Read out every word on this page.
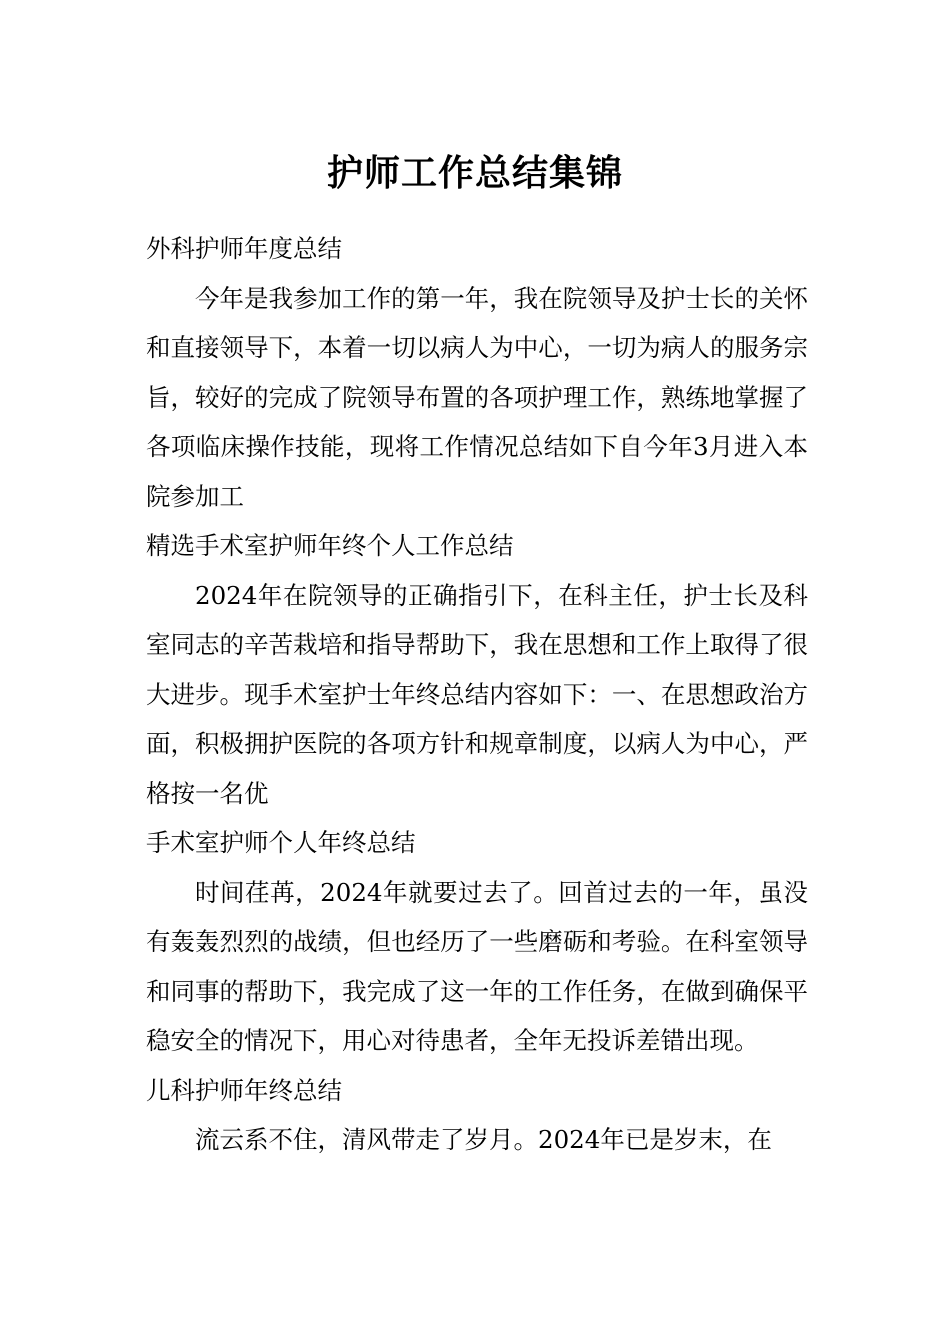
护师工作总结集锦
外科护师年度总结

今年是我参加工作的第一年，我在院领导及护士长的关怀和直接领导下，本着一切以病人为中心，一切为病人的服务宗旨，较好的完成了院领导布置的各项护理工作，熟练地掌握了各项临床操作技能，现将工作情况总结如下自今年3月进入本院参加工

精选手术室护师年终个人工作总结

2024年在院领导的正确指引下，在科主任，护士长及科室同志的辛苦栽培和指导帮助下，我在思想和工作上取得了很大进步。现手术室护士年终总结内容如下：一、在思想政治方面，积极拥护医院的各项方针和规章制度，以病人为中心，严格按一名优

手术室护师个人年终总结

时间荏苒，2024年就要过去了。回首过去的一年，虽没有轰轰烈烈的战绩，但也经历了一些磨砺和考验。在科室领导和同事的帮助下，我完成了这一年的工作任务，在做到确保平稳安全的情况下，用心对待患者，全年无投诉差错出现。

儿科护师年终总结

流云系不住，清风带走了岁月。2024年已是岁末，在
